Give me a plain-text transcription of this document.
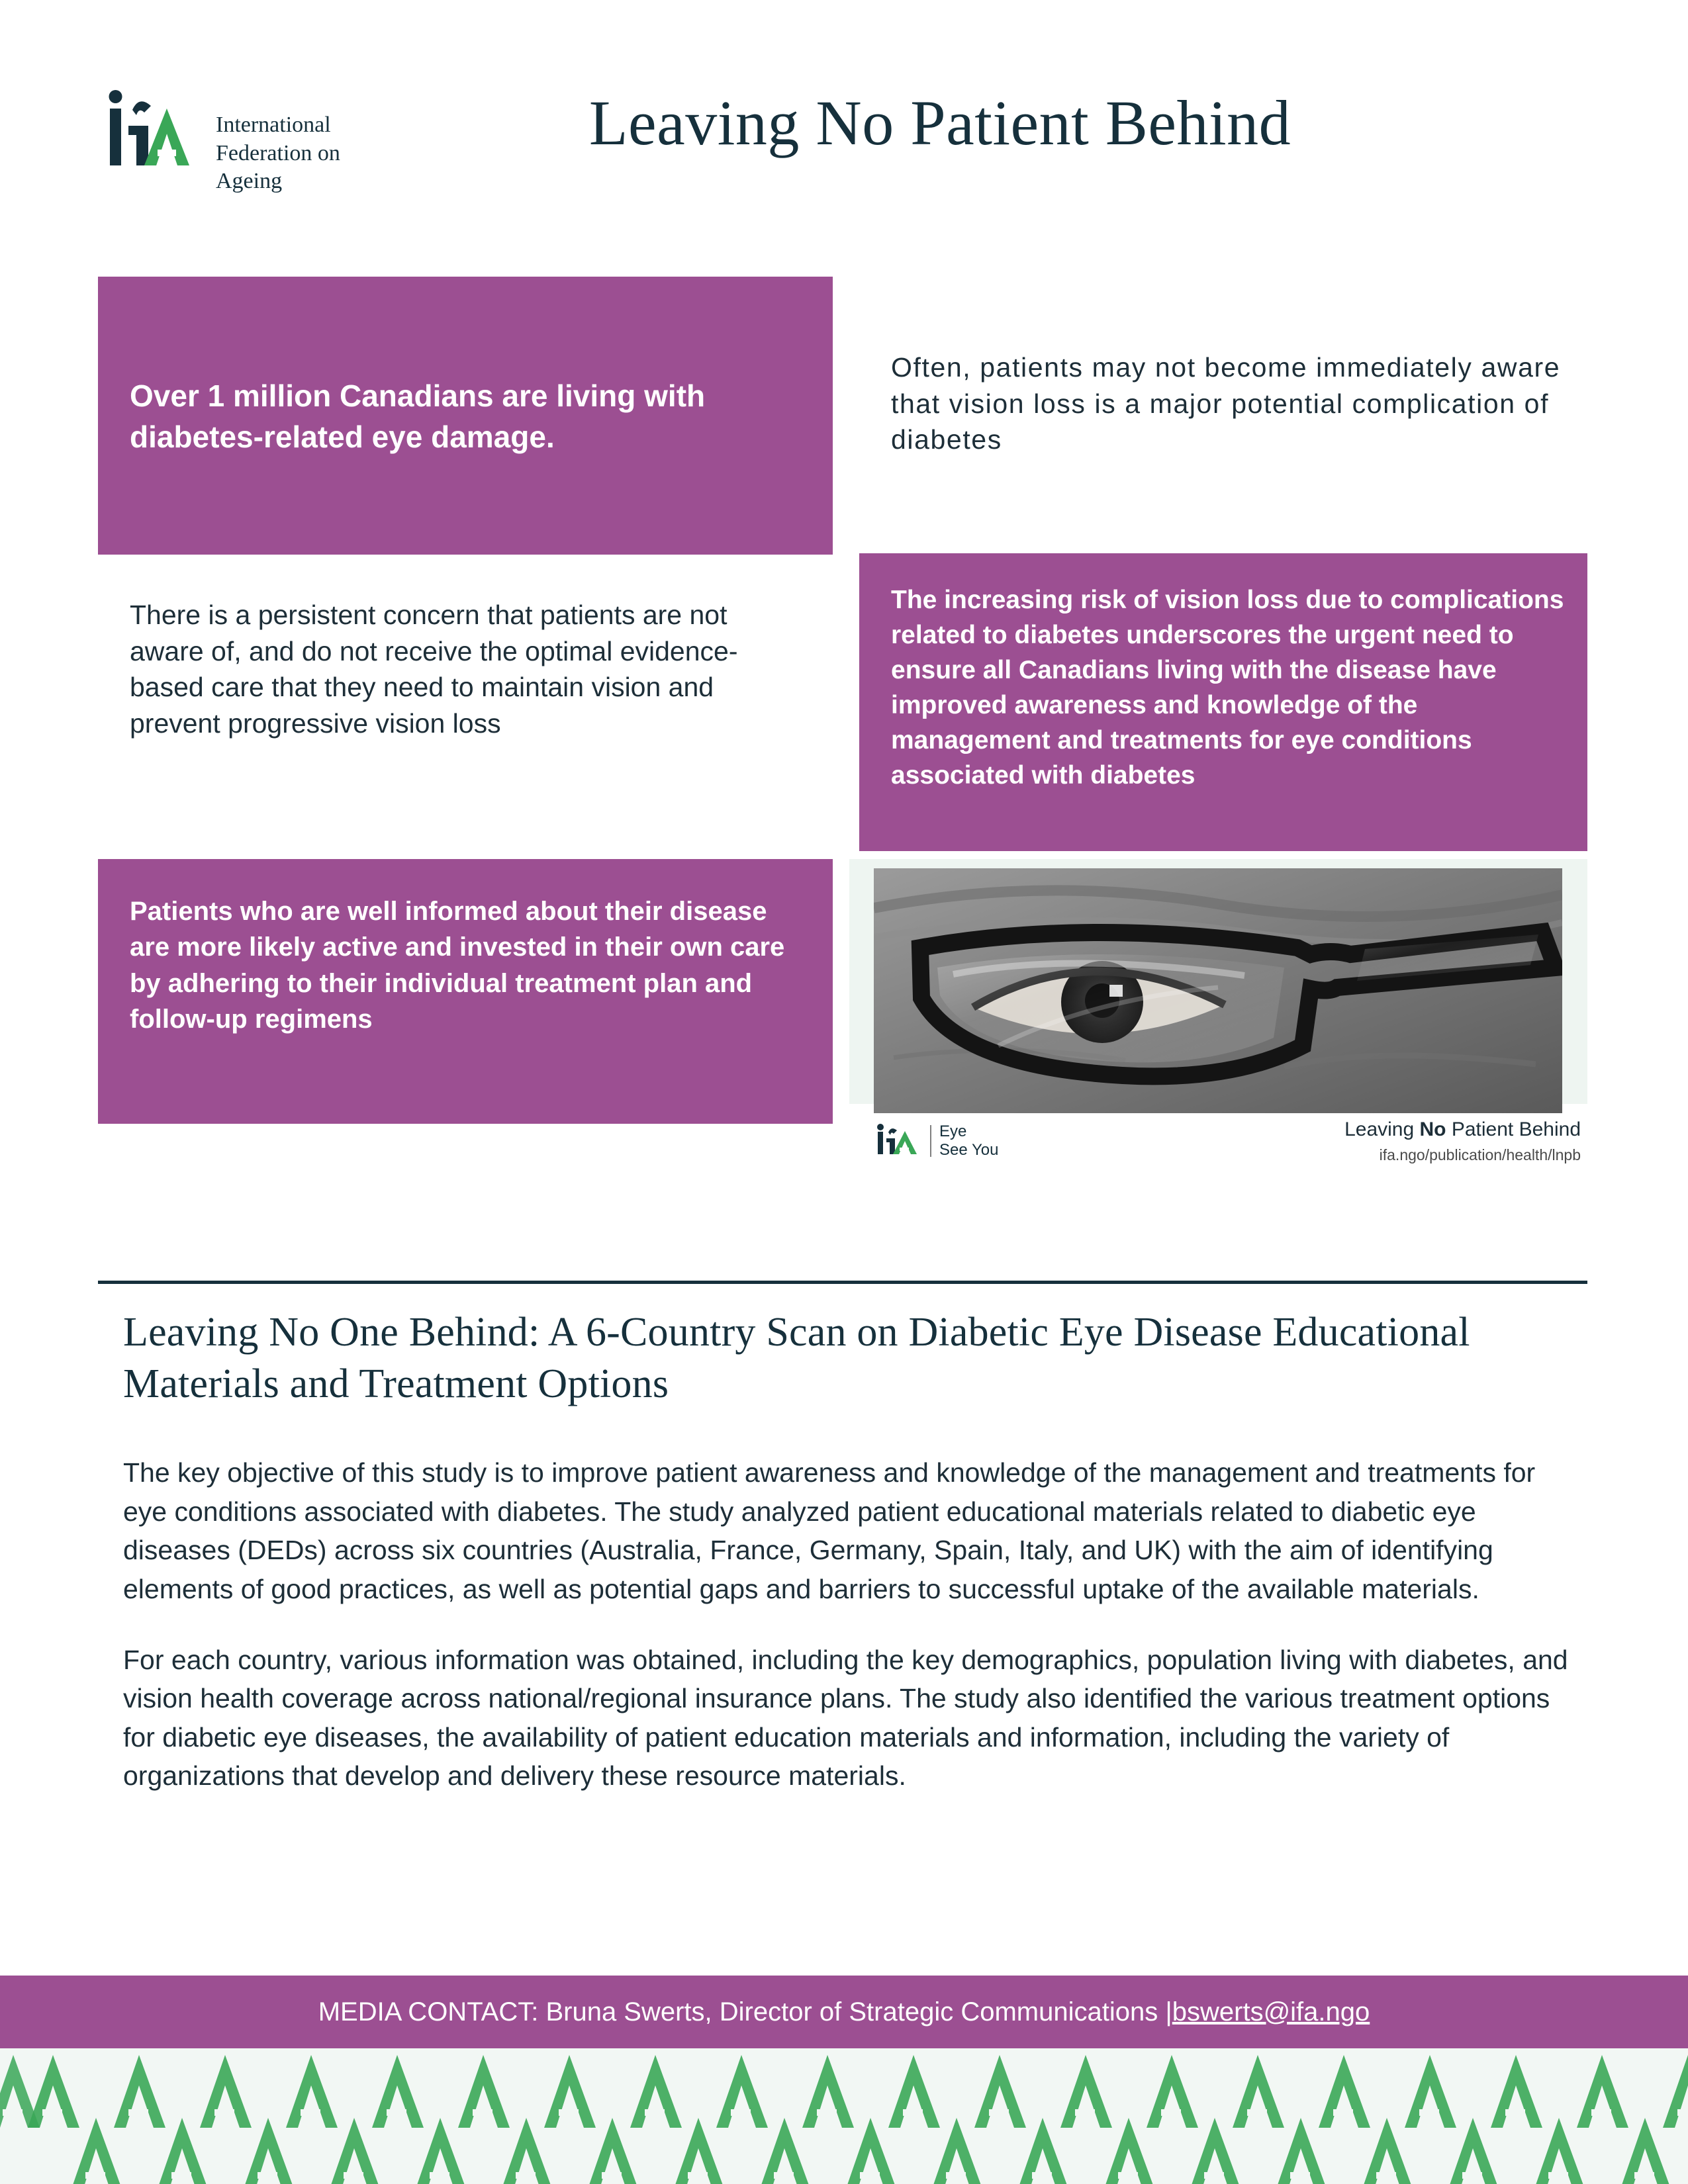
International
Federation on
Ageing
Leaving No Patient Behind
Over 1 million Canadians are living with diabetes-related eye damage.
Often, patients may not become immediately aware that vision loss is a major potential complication of diabetes
There is a persistent concern that patients are not aware of, and do not receive the optimal evidence-based care that they need to maintain vision and prevent progressive vision loss
The increasing risk of vision loss due to complications related to diabetes underscores the urgent need to ensure all Canadians living with the disease have improved awareness and knowledge of the management and treatments for eye conditions associated with diabetes
Patients who are well informed about their disease are more likely active and invested in their own care by adhering to their individual treatment plan and follow-up regimens
Eye
See You
Leaving No Patient Behind
ifa.ngo/publication/health/lnpb
Leaving No One Behind: A 6-Country Scan on Diabetic Eye Disease Educational Materials and Treatment Options

The key objective of this study is to improve patient awareness and knowledge of the management and treatments for eye conditions associated with diabetes. The study analyzed patient educational materials related to diabetic eye diseases (DEDs) across six countries (Australia, France, Germany, Spain, Italy, and UK) with the aim of identifying elements of good practices, as well as potential gaps and barriers to successful uptake of the available materials.

For each country, various information was obtained, including the key demographics, population living with diabetes, and vision health coverage across national/regional insurance plans. The study also identified the various treatment options for diabetic eye diseases, the availability of patient education materials and information, including the variety of organizations that develop and delivery these resource materials.

MEDIA CONTACT: Bruna Swerts, Director of Strategic Communications | bswerts@ifa.ngo
